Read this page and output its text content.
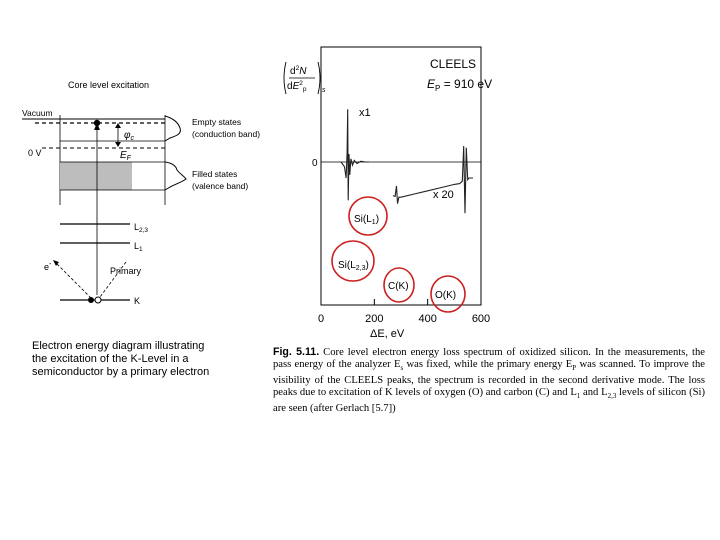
Core level excitation
Vacuum
Empty states
(conduction band)
$\varphi_c$
$E_F$
0 V
Filled states
(valence band)
$L_{2,3}$
$L_1$
K
Primary
e-
Electron energy diagram illustrating the excitation of the K-Level in a semiconductor by a primary electron
$d^2N$
$dE^2_p$ s
0
0	200	400	600
ΔE, eV
CLEELS
$E_P = 910$ eV
x1
x 20
$Si(L_1)$
$Si(L_{2,3})$
C(K)
O(K)
Fig. 5.11. Core level electron energy loss spectrum of oxidized silicon. In the measurements, the pass energy of the analyzer $E_s$ was fixed, while the primary energy $E_P$ was scanned. To improve the visibility of the CLEELS peaks, the spectrum is recorded in the second derivative mode. The loss peaks due to excitation of K levels of oxygen (O) and carbon (C) and $L_1$ and $L_{2,3}$ levels of silicon (Si) are seen (after Gerlach [5.7])
